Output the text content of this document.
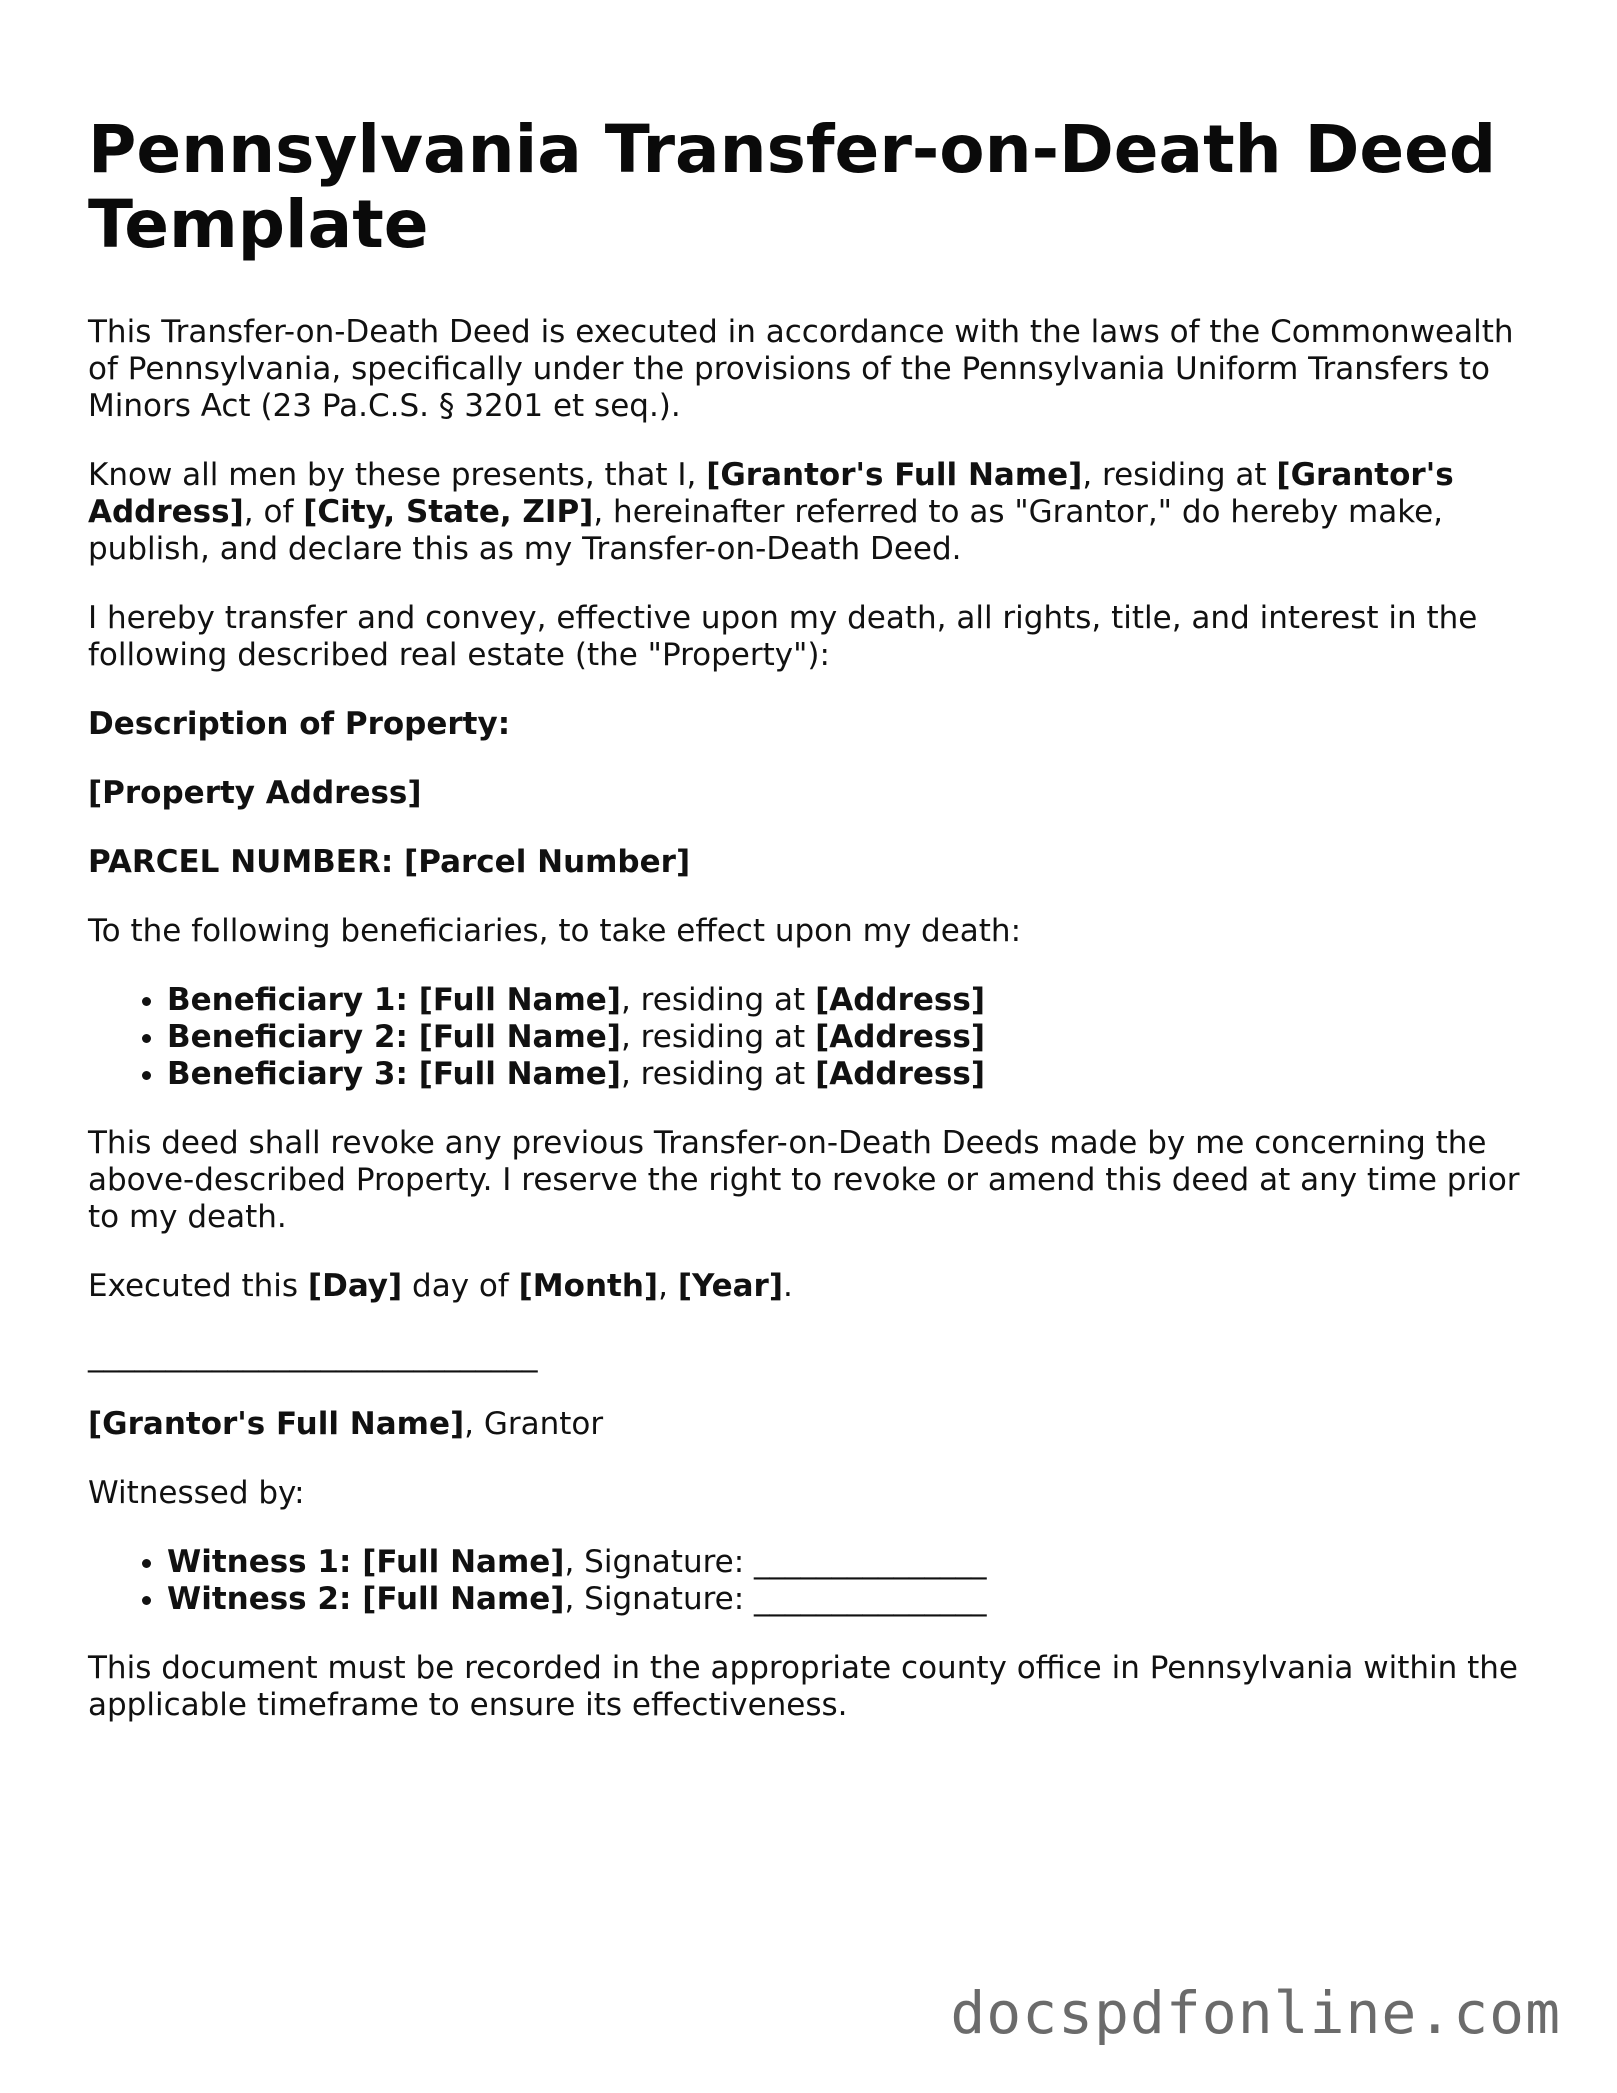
Pennsylvania Transfer-on-Death Deed Template

This Transfer-on-Death Deed is executed in accordance with the laws of the Commonwealth of Pennsylvania, specifically under the provisions of the Pennsylvania Uniform Transfers to Minors Act (23 Pa.C.S. § 3201 et seq.).

Know all men by these presents, that I, [Grantor's Full Name], residing at [Grantor's Address], of [City, State, ZIP], hereinafter referred to as "Grantor," do hereby make, publish, and declare this as my Transfer-on-Death Deed.

I hereby transfer and convey, effective upon my death, all rights, title, and interest in the following described real estate (the "Property"):

Description of Property:

[Property Address]

PARCEL NUMBER: [Parcel Number]

To the following beneficiaries, to take effect upon my death:

• Beneficiary 1: [Full Name], residing at [Address]
• Beneficiary 2: [Full Name], residing at [Address]
• Beneficiary 3: [Full Name], residing at [Address]

This deed shall revoke any previous Transfer-on-Death Deeds made by me concerning the above-described Property. I reserve the right to revoke or amend this deed at any time prior to my death.

Executed this [Day] day of [Month], [Year].

_____________________________

[Grantor's Full Name], Grantor

Witnessed by:

• Witness 1: [Full Name], Signature: _______________
• Witness 2: [Full Name], Signature: _______________

This document must be recorded in the appropriate county office in Pennsylvania within the applicable timeframe to ensure its effectiveness.

docspdfonline.com
